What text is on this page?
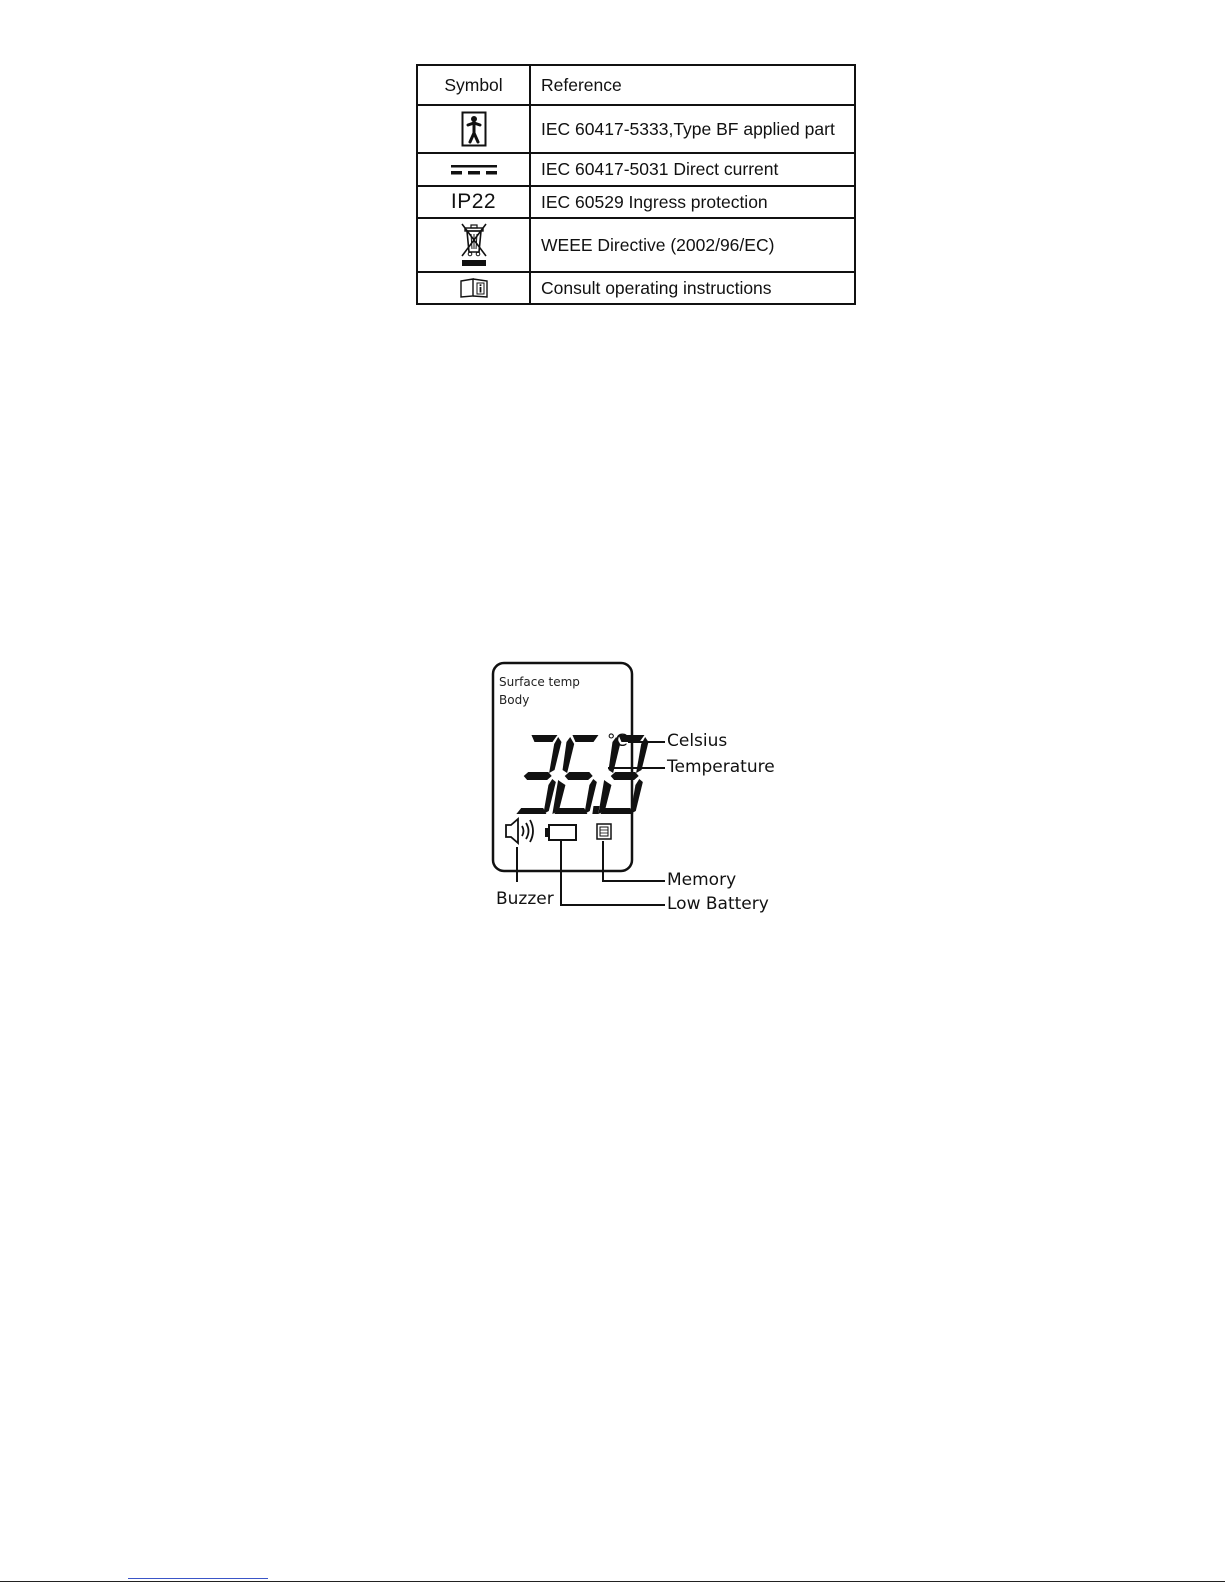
Symbol	Reference

	IEC 60417-5333,Type BF applied part

	IEC 60417-5031 Direct current
IP22	IEC 60529 Ingress protection

	WEEE Directive (2002/96/EC)

	Consult operating instructions
Surface temp
Body
°C Celsius
Temperature
Memory
Low Battery
Buzzer
